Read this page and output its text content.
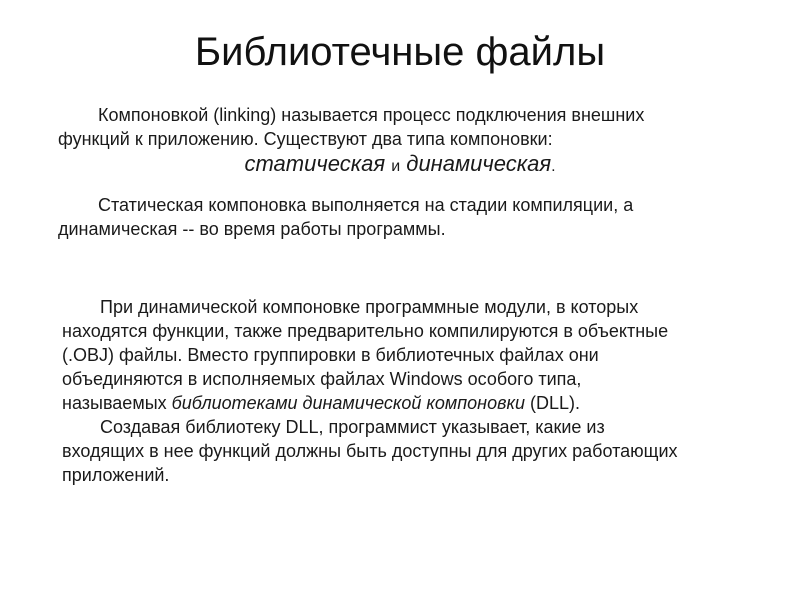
Библиотечные файлы
Компоновкой (linking) называется процесс подключения внешних
функций к приложению. Существуют два типа компоновки:
статическая и динамическая.
Статическая компоновка выполняется на стадии компиляции, а
динамическая -- во время работы программы.
При динамической компоновке программные модули, в которых
находятся функции, также предварительно компилируются в объектные
(.OBJ) файлы. Вместо группировки в библиотечных файлах они
объединяются в исполняемых файлах Windows особого типа,
называемых библиотеками динамической компоновки (DLL).
Создавая библиотеку DLL, программист указывает, какие из
входящих в нее функций должны быть доступны для других работающих
приложений.
